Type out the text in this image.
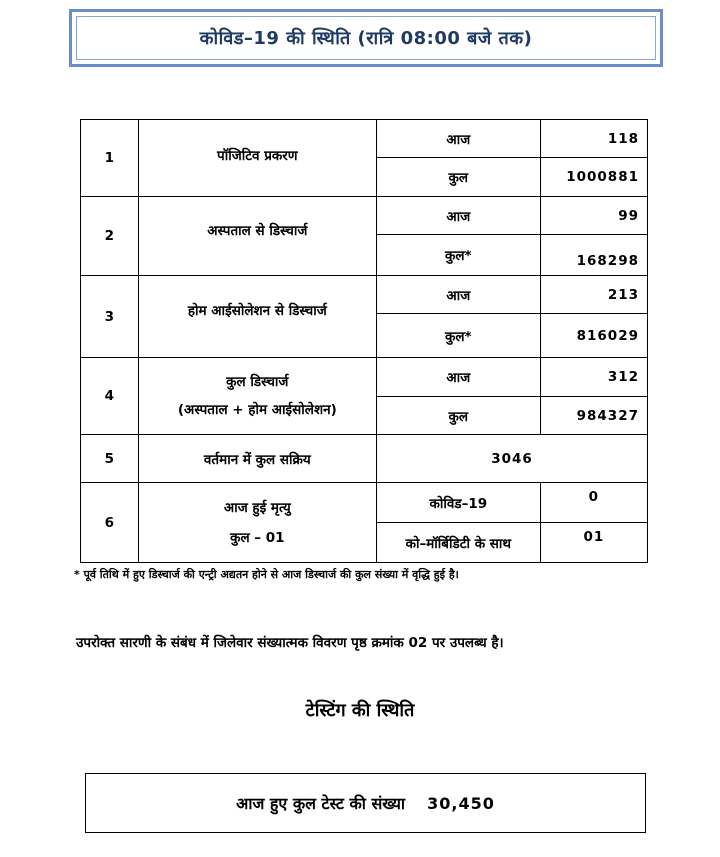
कोविड–19 की स्थिति (रात्रि 08:00 बजे तक)
1	पॉजिटिव प्रकरण	आज	118
		कुल	1000881
2	अस्पताल से डिस्चार्ज	आज	99
		कुल*	168298
3	होम आईसोलेशन से डिस्चार्ज	आज	213
		कुल*	816029
4	कुल डिस्चार्ज
(अस्पताल + होम आईसोलेशन)	आज	312
		कुल	984327
5	वर्तमान में कुल सक्रिय	3046	
6	आज हुई मृत्यु
कुल – 01	कोविड–19	0
		को–मॉर्बिडिटी के साथ	01
* पूर्व तिथि में हुए डिस्चार्ज की एन्ट्री अद्यतन होने से आज डिस्चार्ज की कुल संख्या में वृद्धि हुई है।
उपरोक्त सारणी के संबंध में जिलेवार संख्यात्मक विवरण पृष्ठ क्रमांक 02 पर उपलब्ध है।
टेस्टिंग की स्थिति
आज हुए कुल टेस्ट की संख्या 30,450
